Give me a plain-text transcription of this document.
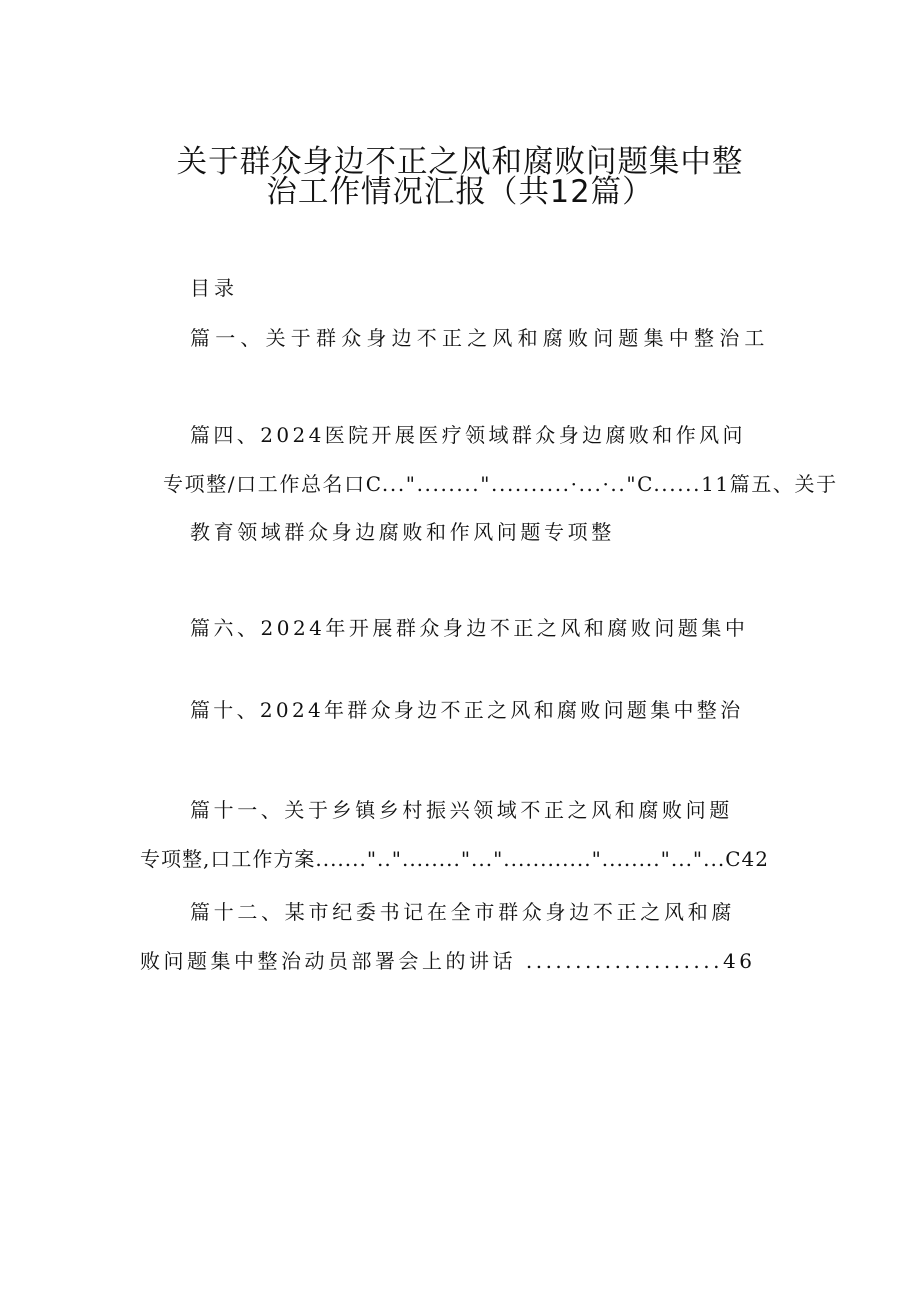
关于群众身边不正之风和腐败问题集中整
治工作情况汇报（共12篇）
目录
篇一、关于群众身边不正之风和腐败问题集中整治工
篇四、2024医院开展医疗领域群众身边腐败和作风问
专项整/口工作总名口C..."........"..........·...·.."C......11篇五、关于
教育领域群众身边腐败和作风问题专项整
篇六、2024年开展群众身边不正之风和腐败问题集中
篇十、2024年群众身边不正之风和腐败问题集中整治
篇十一、关于乡镇乡村振兴领域不正之风和腐败问题
专项整,口工作方案.......".."........"..."............"........"..."...C42
篇十二、某市纪委书记在全市群众身边不正之风和腐
败问题集中整治动员部署会上的讲话 ....................46
